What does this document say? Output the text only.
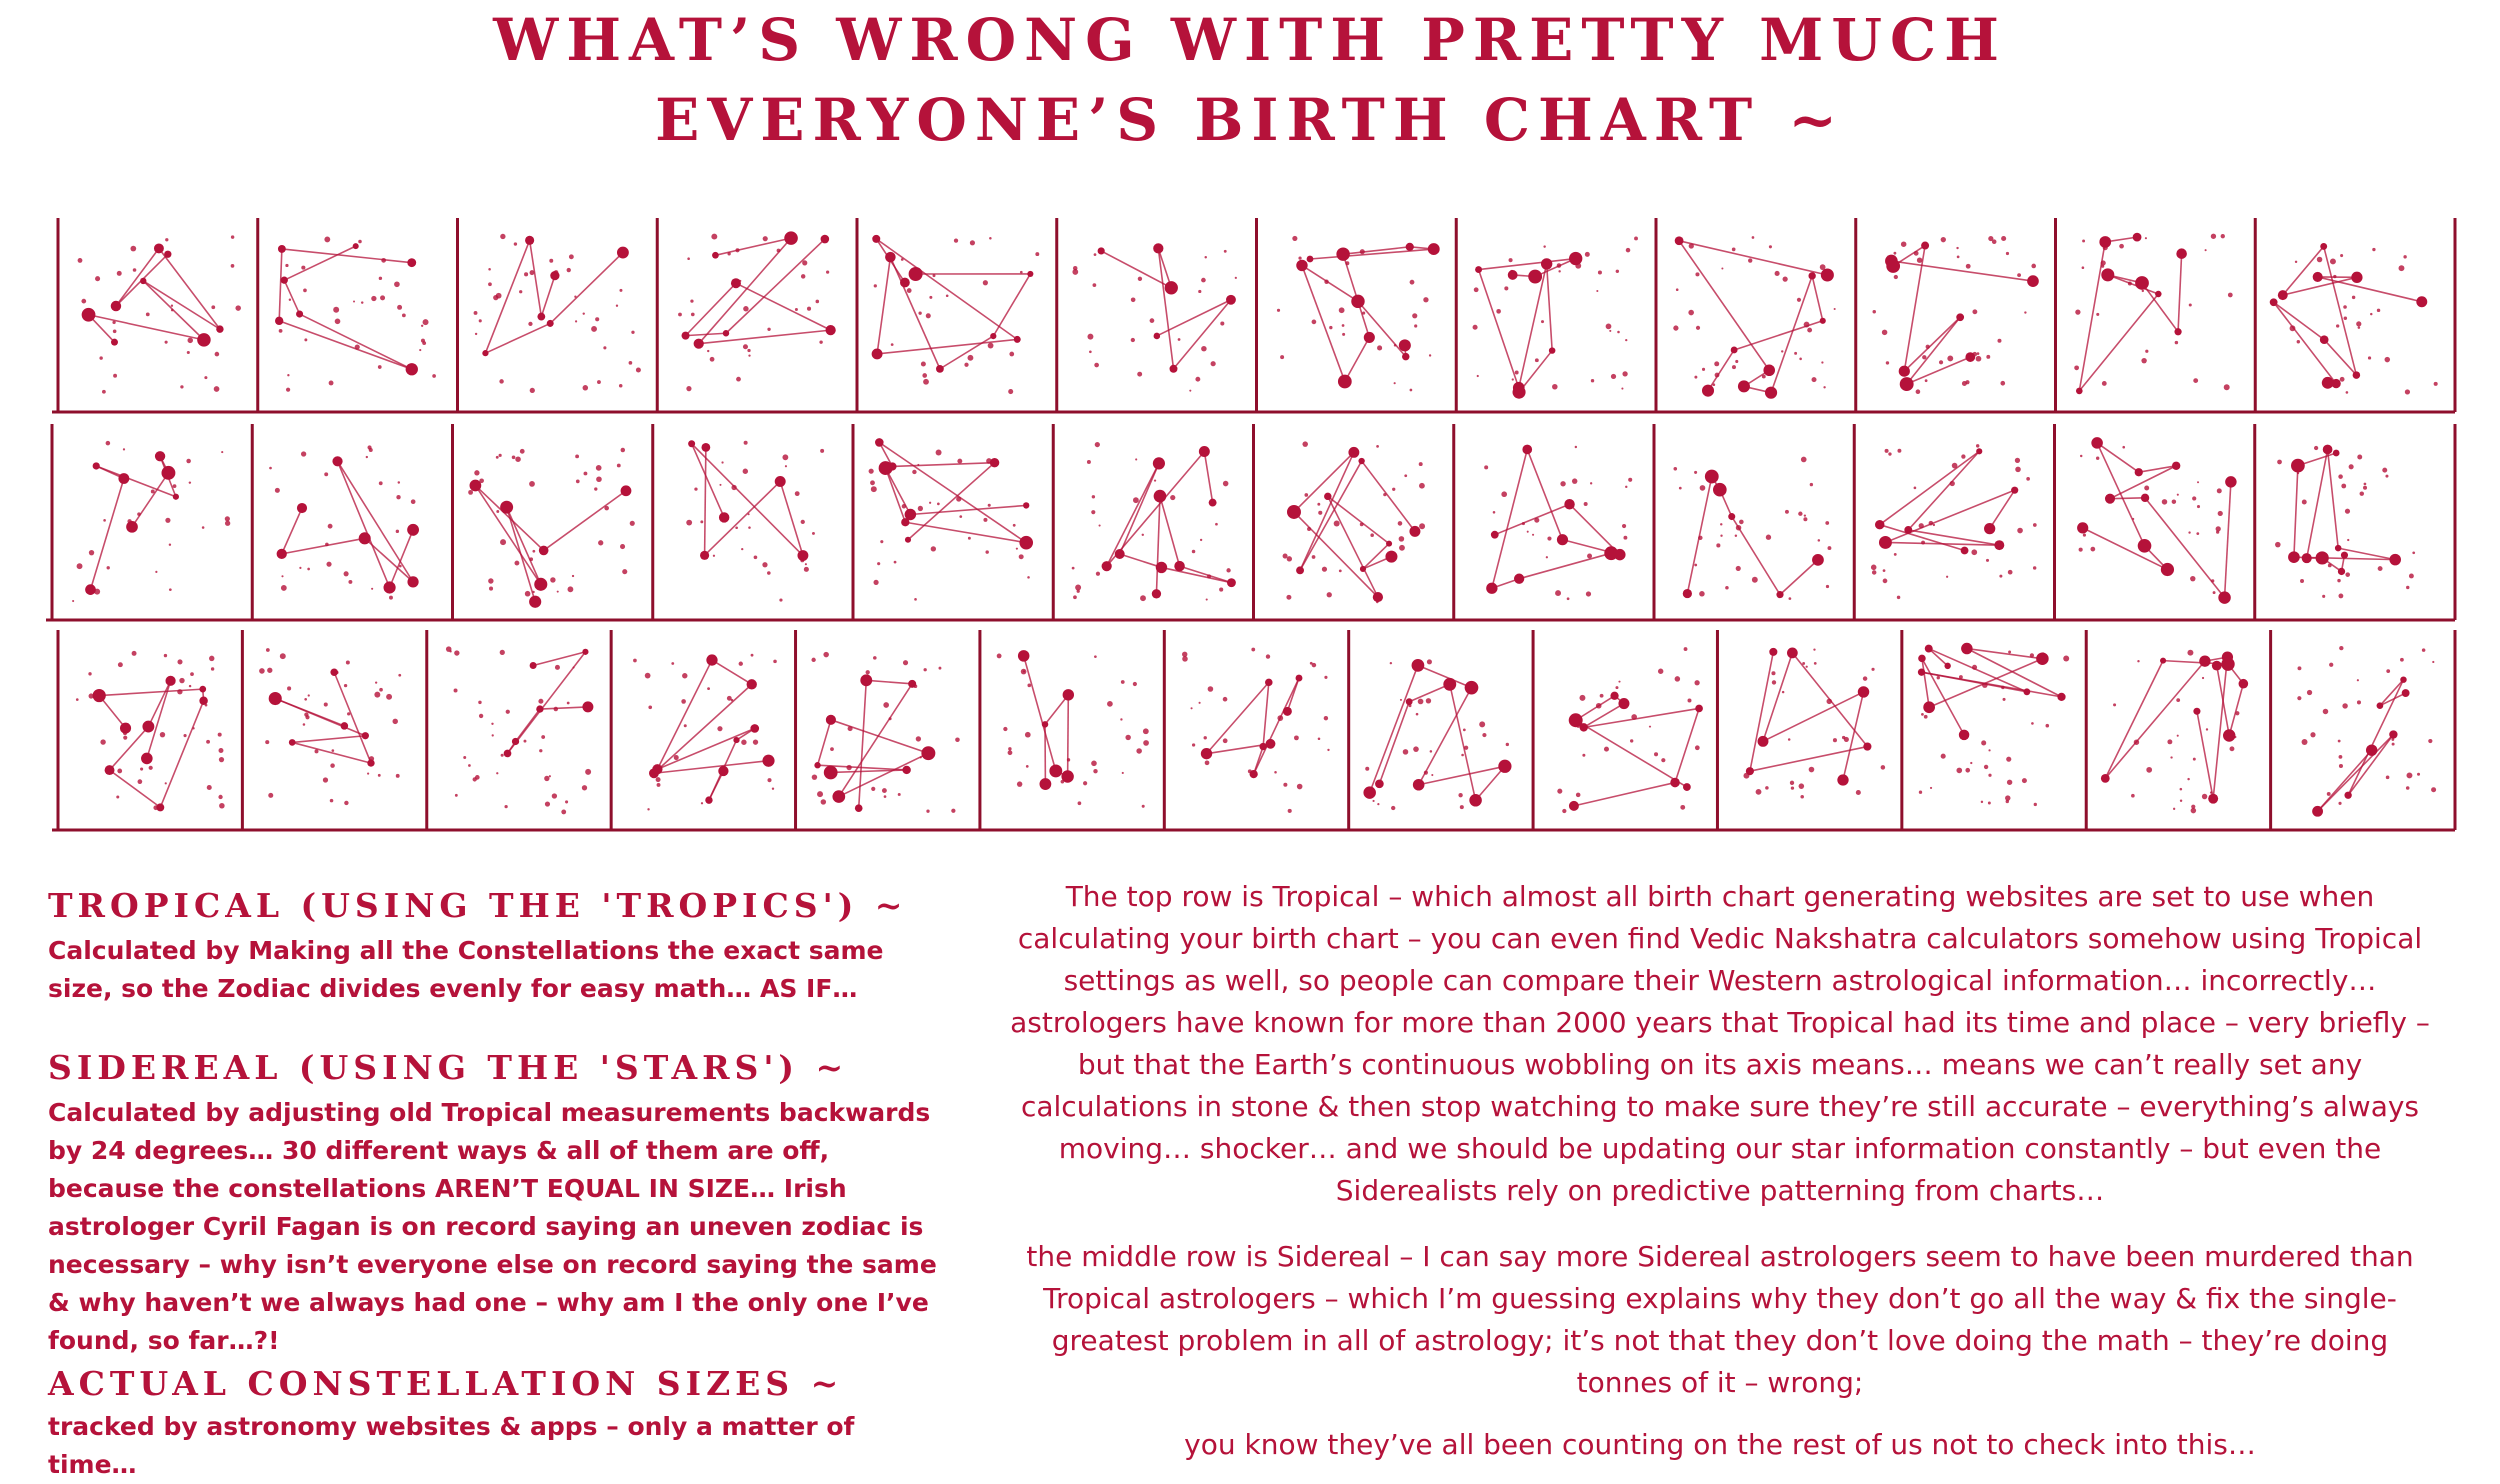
WHAT’S WRONG WITH PRETTY MUCH
EVERYONE’S BIRTH CHART ~
TROPICAL (USING THE 'TROPICS') ~

Calculated by Making all the Constellations the exact same size, so the Zodiac divides evenly for easy math… AS IF…

SIDEREAL (USING THE 'STARS') ~

Calculated by adjusting old Tropical measurements backwards by 24 degrees… 30 different ways & all of them are off, because the constellations AREN’T EQUAL IN SIZE… Irish astrologer Cyril Fagan is on record saying an uneven zodiac is necessary – why isn’t everyone else on record saying the same & why haven’t we always had one – why am I the only one I’ve found, so far…?!

ACTUAL CONSTELLATION SIZES ~

tracked by astronomy websites & apps – only a matter of time…

The top row is Tropical – which almost all birth chart generating websites are set to use when calculating your birth chart – you can even find Vedic Nakshatra calculators somehow using Tropical settings as well, so people can compare their Western astrological information… incorrectly… astrologers have known for more than 2000 years that Tropical had its time and place – very briefly – but that the Earth’s continuous wobbling on its axis means… means we can’t really set any calculations in stone & then stop watching to make sure they’re still accurate – everything’s always moving… shocker… and we should be updating our star information constantly – but even the Siderealists rely on predictive patterning from charts…

the middle row is Sidereal – I can say more Sidereal astrologers seem to have been murdered than Tropical astrologers – which I’m guessing explains why they don’t go all the way & fix the single-greatest problem in all of astrology; it’s not that they don’t love doing the math – they’re doing tonnes of it – wrong;

you know they’ve all been counting on the rest of us not to check into this…
